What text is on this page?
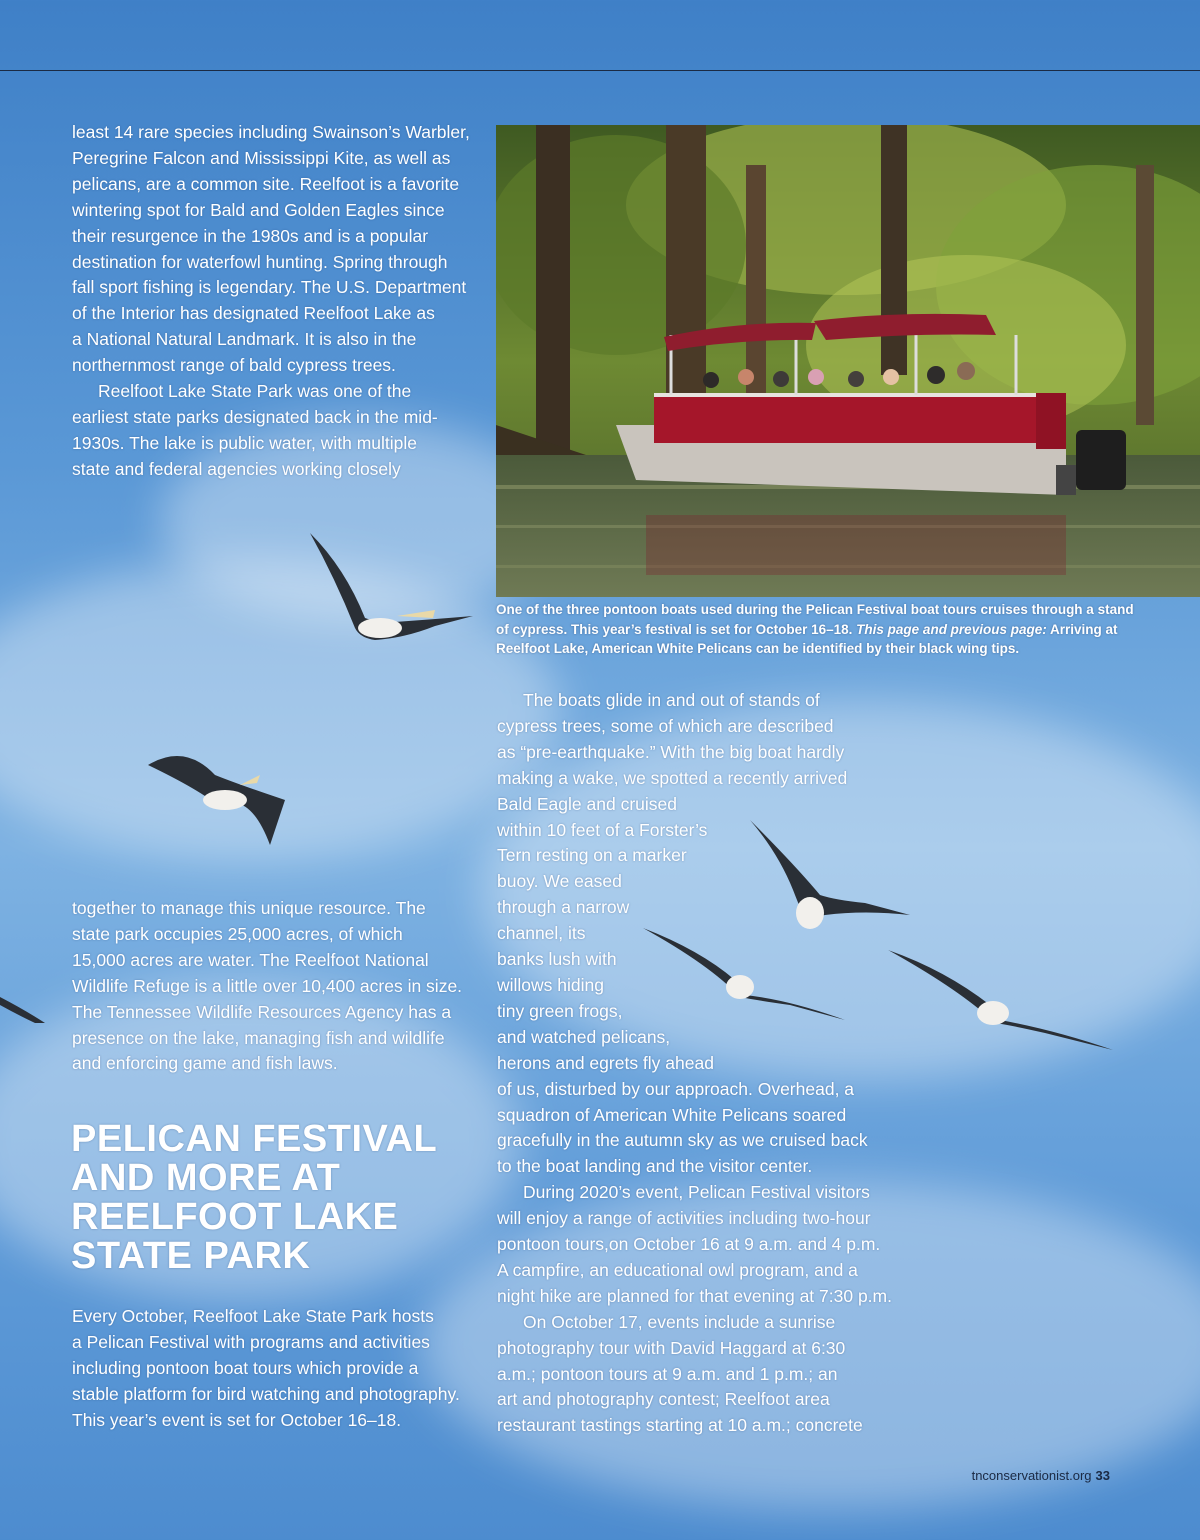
One of the three pontoon boats used during the Pelican Festival boat tours cruises through a stand of cypress. This year’s festival is set for October 16–18. This page and previous page: Arriving at Reelfoot Lake, American White Pelicans can be identified by their black wing tips.

least 14 rare species including Swainson’s Warbler,
Peregrine Falcon and Mississippi Kite, as well as
pelicans, are a common site. Reelfoot is a favorite
wintering spot for Bald and Golden Eagles since
their resurgence in the 1980s and is a popular
destination for waterfowl hunting. Spring through
fall sport fishing is legendary. The U.S. Department
of the Interior has designated Reelfoot Lake as
a National Natural Landmark. It is also in the
northernmost range of bald cypress trees.

Reelfoot Lake State Park was one of the
earliest state parks designated back in the mid-
1930s. The lake is public water, with multiple
state and federal agencies working closely

together to manage this unique resource. The
state park occupies 25,000 acres, of which
15,000 acres are water. The Reelfoot National
Wildlife Refuge is a little over 10,400 acres in size.
The Tennessee Wildlife Resources Agency has a
presence on the lake, managing fish and wildlife
and enforcing game and fish laws.

PELICAN FESTIVAL
AND MORE AT
REELFOOT LAKE
STATE PARK

Every October, Reelfoot Lake State Park hosts
a Pelican Festival with programs and activities
including pontoon boat tours which provide a
stable platform for bird watching and photography.
This year’s event is set for October 16–18.

The boats glide in and out of stands of
cypress trees, some of which are described
as “pre-earthquake.” With the big boat hardly
making a wake, we spotted a recently arrived
Bald Eagle and cruised
within 10 feet of a Forster’s
Tern resting on a marker
buoy. We eased
through a narrow
channel, its
banks lush with
willows hiding
tiny green frogs,
and watched pelicans,
herons and egrets fly ahead
of us, disturbed by our approach. Overhead, a
squadron of American White Pelicans soared
gracefully in the autumn sky as we cruised back
to the boat landing and the visitor center.

During 2020’s event, Pelican Festival visitors
will enjoy a range of activities including two-hour
pontoon tours,on October 16 at 9 a.m. and 4 p.m.
A campfire, an educational owl program, and a
night hike are planned for that evening at 7:30 p.m.

On October 17, events include a sunrise
photography tour with David Haggard at 6:30
a.m.; pontoon tours at 9 a.m. and 1 p.m.; an
art and photography contest; Reelfoot area
restaurant tastings starting at 10 a.m.; concrete

tnconservationist.org 33
